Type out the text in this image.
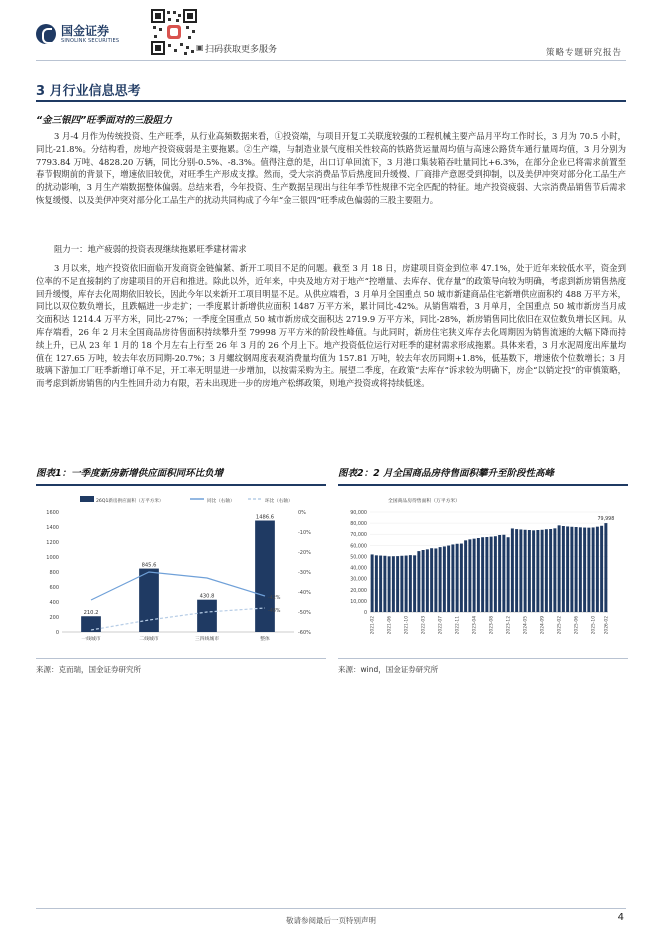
国金证券
SINOLINK SECURITIES
▣ 扫码获取更多服务	策略专题研究报告
3 月行业信息思考
“金三银四”旺季面对的三股阻力

3 月-4 月作为传统投资、生产旺季，从行业高频数据来看，①投资端，与项目开复工关联度较强的工程机械主要产品月平均工作时长，3 月为 70.5 小时，同比-21.8%。分结构看，房地产投资疲弱是主要拖累。②生产端，与制造业景气度相关性较高的铁路货运量周均值与高速公路货车通行量周均值，3 月分别为 7793.84 万吨、4828.20 万辆，同比分别-0.5%、-8.3%。值得注意的是，出口订单回流下，3 月港口集装箱吞吐量同比+6.3%，在部分企业已将需求前置至春节假期前的背景下，增速依旧较优，对旺季生产形成支撑。然而，受大宗消费品节后热度回升缓慢、厂商排产意愿受到抑制，以及美伊冲突对部分化工品生产的扰动影响，3 月生产端数据整体偏弱。总结来看，今年投资、生产数据呈现出与往年季节性规律不完全匹配的特征。地产投资疲弱、大宗消费品销售节后需求恢复缓慢、以及美伊冲突对部分化工品生产的扰动共同构成了今年“金三银四”旺季成色偏弱的三股主要阻力。

阻力一：地产疲弱的投资表现继续拖累旺季建材需求

3 月以来，地产投资依旧面临开发商资金链偏紧、新开工项目不足的问题。截至 3 月 18 日，房建项目资金到位率 47.1%，处于近年来较低水平，资金到位率的不足直接制约了房建项目的开启和推进。除此以外，近年来，中央及地方对于地产“控增量、去库存、优存量”的政策导向较为明确，考虑到新房销售热度回升缓慢，库存去化周期依旧较长，因此今年以来新开工项目明显不足。从供应端看，3 月单月全国重点 50 城市新建商品住宅新增供应面积约 488 万平方米，同比以双位数负增长，且跌幅进一步走扩；一季度累计新增供应面积 1487 万平方米，累计同比-42%。从销售端看，3 月单月，全国重点 50 城市新房当月成交面积达 1214.4 万平方米，同比-27%；一季度全国重点 50 城市新房成交面积达 2719.9 万平方米，同比-28%，新房销售同比依旧在双位数负增长区间。从库存端看，26 年 2 月末全国商品房待售面积持续攀升至 79998 万平方米的阶段性峰值。与此同时，新房住宅狭义库存去化周期因为销售流速的大幅下降而持续上升，已从 23 年 1 月的 18 个月左右上行至 26 年 3 月的 26 个月上下。地产投资低位运行对旺季的建材需求形成拖累。具体来看，3 月水泥周度出库量均值在 127.65 万吨，较去年农历同期-20.7%；3 月螺纹钢周度表观消费量均值为 157.81 万吨，较去年农历同期+1.8%，低基数下，增速依个位数增长；3 月玻璃下游加工厂旺季新增订单不足，开工率无明显进一步增加，以按需采购为主。展望二季度，在政策“去库存”诉求较为明确下，房企“以销定投”的审慎策略，而考虑到新房销售的内生性回升动力有限，若未出现进一步的房地产松绑政策，则地产投资或将持续低迷。

图表1：一季度新房新增供应面积同环比负增	图表2：2 月全国商品房待售面积攀升至阶段性高峰
26Q1新房供应面积（万平方米）	同比（右轴）	环比（右轴）
0
200
400
600
800
1000
1200
1400
1600	0%
-10%
-20%
-30%
-40%
-50%
-60%
210.2
一线城市
845.6
二线城市
430.8
三四线城市
1486.6
整体
-42%
-48%
全国商品房待售面积（万平方米）
0
10,000
20,000
30,000
40,000
50,000
60,000
70,000
80,000
90,000
79,998
2021-02	2021-06	2021-10	2022-03	2022-07	2022-11	2023-04	2023-08	2023-12	2024-05	2024-09	2025-02	2025-06	2025-10 2026-02
来源：克而瑞，国金证券研究所	来源：wind，国金证券研究所
敬请参阅最后一页特别声明	4
